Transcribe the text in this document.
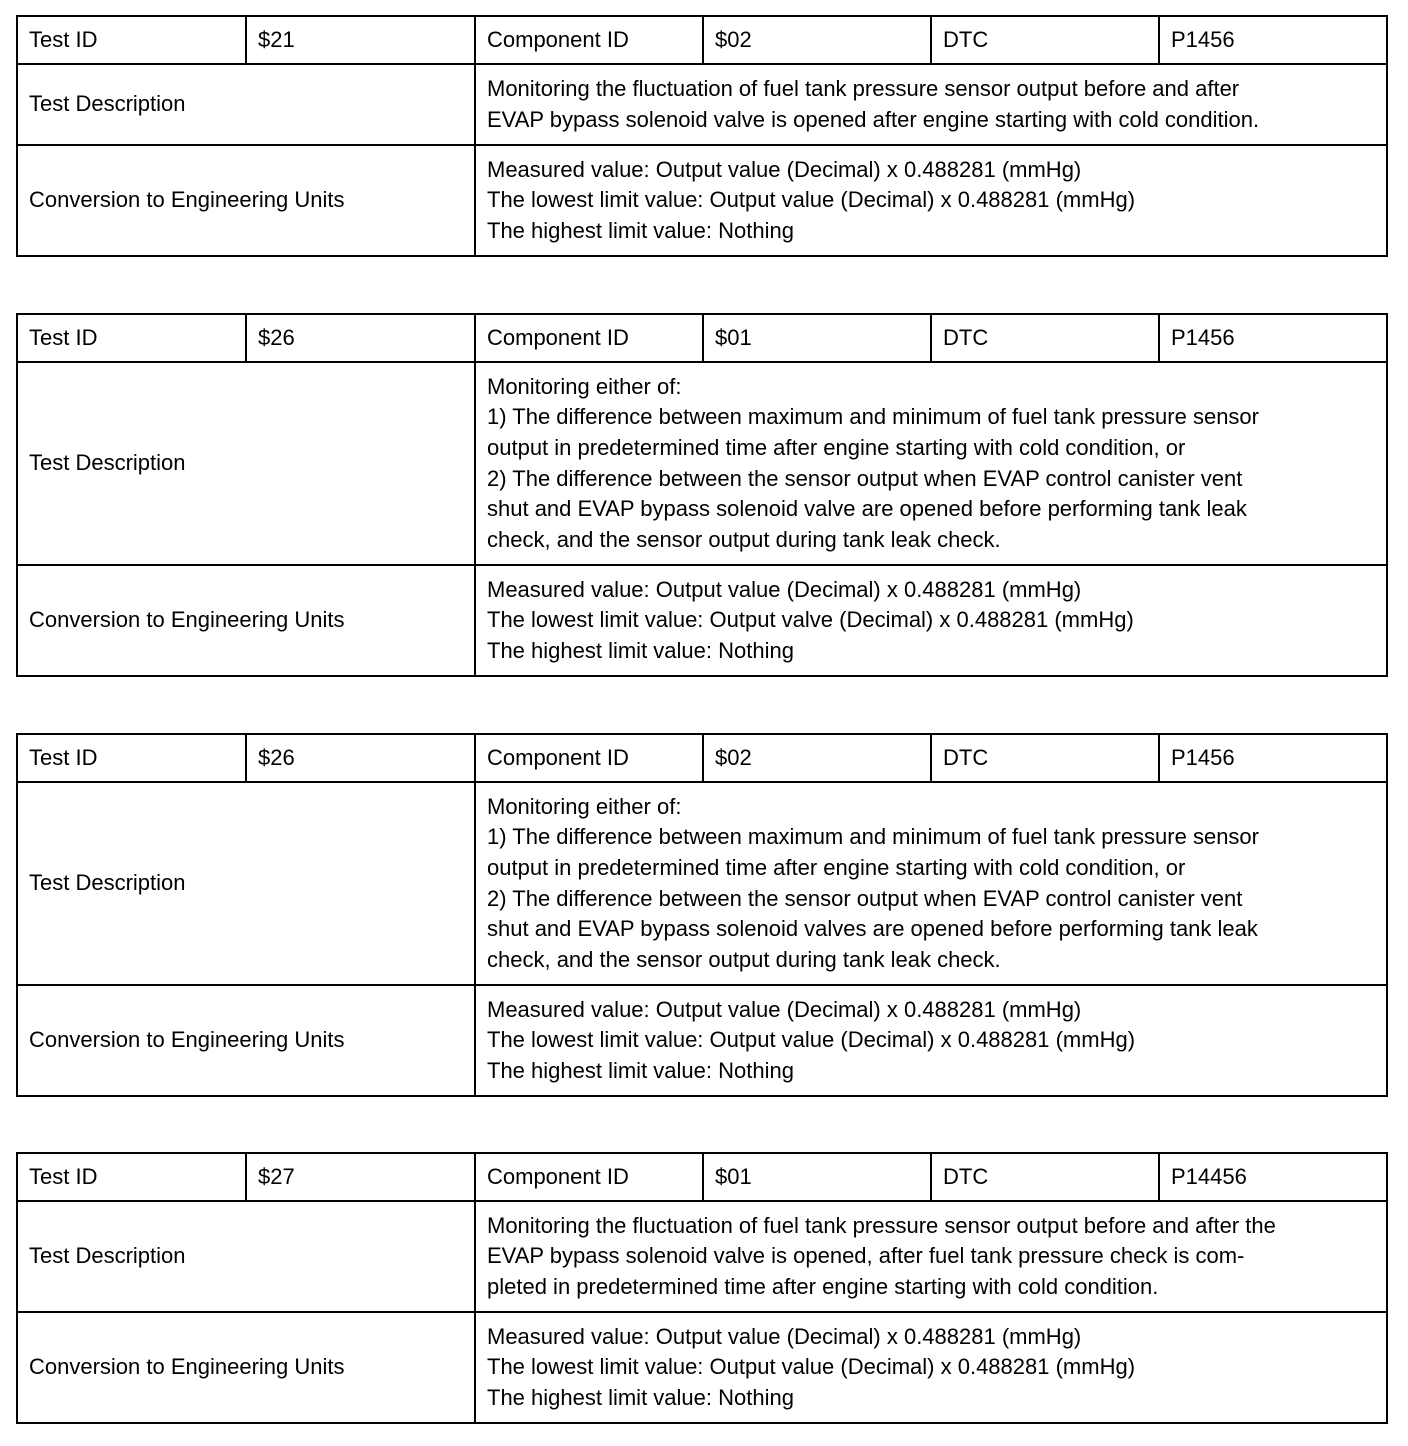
Test ID	$21	Component ID	$02	DTC	P1456
Test Description		Monitoring the fluctuation of fuel tank pressure sensor output before and after
EVAP bypass solenoid valve is opened after engine starting with cold condition.			

Conversion to Engineering Units		Measured value: Output value (Decimal) x 0.488281 (mmHg)
The lowest limit value: Output value (Decimal) x 0.488281 (mmHg)
The highest limit value: Nothing			
Test ID	$26	Component ID	$01	DTC	P1456
Test Description	
Monitoring either of:
1) The difference between maximum and minimum of fuel tank pressure sensor
output in predetermined time after engine starting with cold condition, or
2) The difference between the sensor output when EVAP control canister vent
shut and EVAP bypass solenoid valve are opened before performing tank leak
check, and the sensor output during tank leak check.

Conversion to Engineering Units		Measured value: Output value (Decimal) x 0.488281 (mmHg)
The lowest limit value: Output valve (Decimal) x 0.488281 (mmHg)
The highest limit value: Nothing			
Test ID	$26	Component ID	$02	DTC	P1456
Test Description	
Monitoring either of:
1) The difference between maximum and minimum of fuel tank pressure sensor
output in predetermined time after engine starting with cold condition, or
2) The difference between the sensor output when EVAP control canister vent
shut and EVAP bypass solenoid valves are opened before performing tank leak
check, and the sensor output during tank leak check.

Conversion to Engineering Units		Measured value: Output value (Decimal) x 0.488281 (mmHg)
The lowest limit value: Output value (Decimal) x 0.488281 (mmHg)
The highest limit value: Nothing			
Test ID	$27	Component ID	$01	DTC	P14456
Test Description		Monitoring the fluctuation of fuel tank pressure sensor output before and after the
EVAP bypass solenoid valve is opened, after fuel tank pressure check is com-
pleted in predetermined time after engine starting with cold condition.			

Conversion to Engineering Units		Measured value: Output value (Decimal) x 0.488281 (mmHg)
The lowest limit value: Output value (Decimal) x 0.488281 (mmHg)
The highest limit value: Nothing			
